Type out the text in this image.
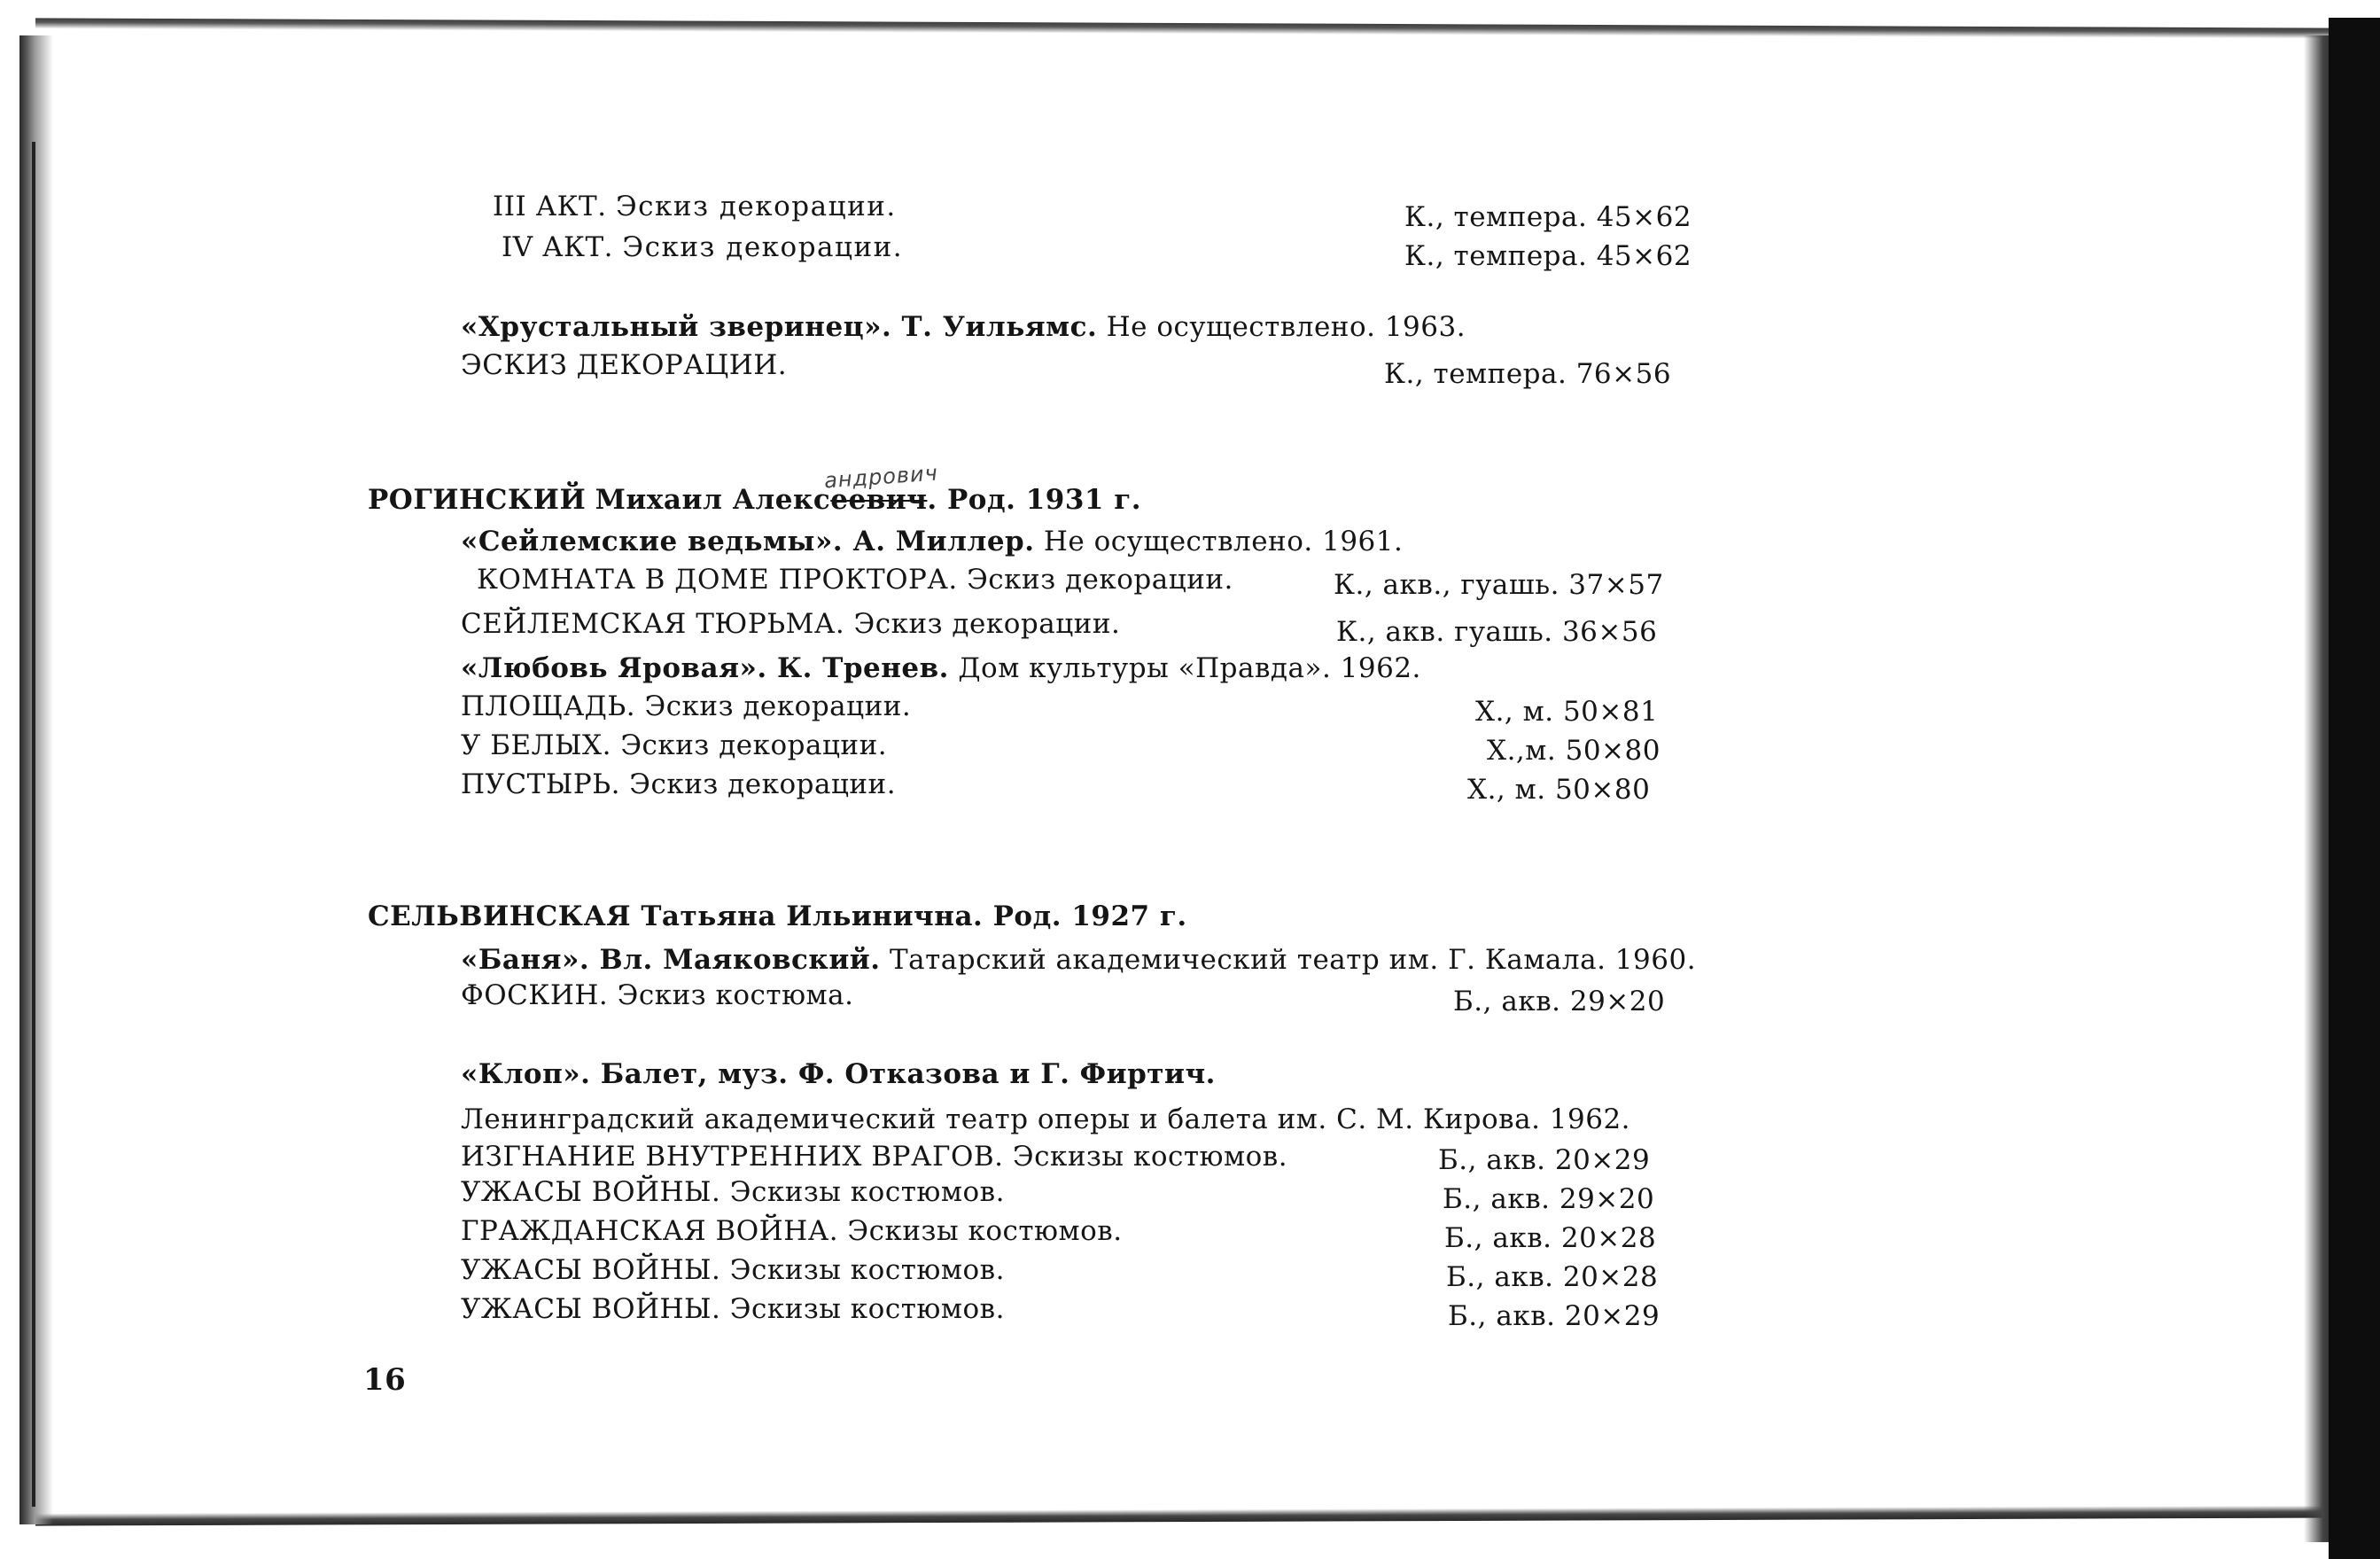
III АКТ. Эскиз декорации.	К., темпера. 45×62
IV АКТ. Эскиз декорации.	К., темпера. 45×62
«Хрустальный зверинец». Т. Уильямс. Не осуществлено. 1963.
ЭСКИЗ ДЕКОРАЦИИ.	К., темпера. 76×56
андрович
РОГИНСКИЙ Михаил Алексеевич. Род. 1931 г.
«Сейлемские ведьмы». А. Миллер. Не осуществлено. 1961.
КОМНАТА В ДОМЕ ПРОКТОРА. Эскиз декорации.	К., акв., гуашь. 37×57
СЕЙЛЕМСКАЯ ТЮРЬМА. Эскиз декорации.	К., акв. гуашь. 36×56
«Любовь Яровая». К. Тренев. Дом культуры «Правда». 1962.
ПЛОЩАДЬ. Эскиз декорации.	Х., м. 50×81
У БЕЛЫХ. Эскиз декорации.	Х.,м. 50×80
ПУСТЫРЬ. Эскиз декорации.	Х., м. 50×80
СЕЛЬВИНСКАЯ Татьяна Ильинична. Род. 1927 г.
«Баня». Вл. Маяковский. Татарский академический театр им. Г. Камала. 1960.
ФОСКИН. Эскиз костюма.	Б., акв. 29×20
«Клоп». Балет, муз. Ф. Отказова и Г. Фиртич.
Ленинградский академический театр оперы и балета им. С. М. Кирова. 1962.
ИЗГНАНИЕ ВНУТРЕННИХ ВРАГОВ. Эскизы костюмов.	Б., акв. 20×29
УЖАСЫ ВОЙНЫ. Эскизы костюмов.	Б., акв. 29×20
ГРАЖДАНСКАЯ ВОЙНА. Эскизы костюмов.	Б., акв. 20×28
УЖАСЫ ВОЙНЫ. Эскизы костюмов.	Б., акв. 20×28
УЖАСЫ ВОЙНЫ. Эскизы костюмов.	Б., акв. 20×29
16
